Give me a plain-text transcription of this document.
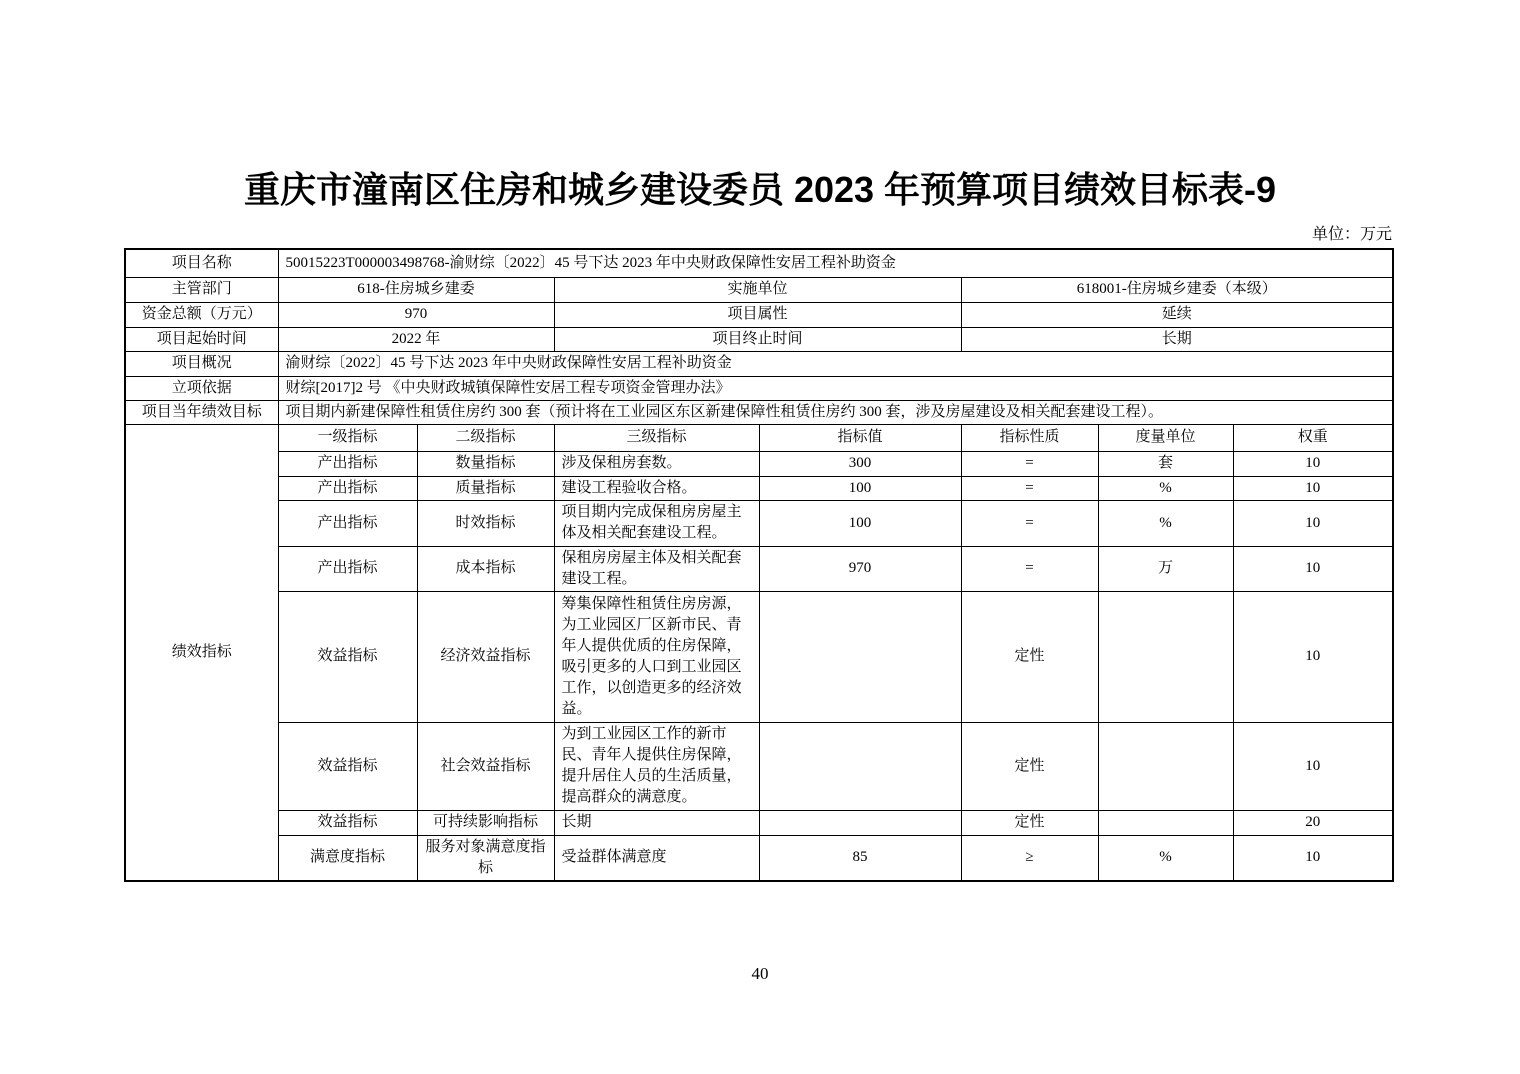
重庆市潼南区住房和城乡建设委员 2023 年预算项目绩效目标表-9
单位：万元
项目名称	50015223T000003498768-渝财综〔2022〕45 号下达 2023 年中央财政保障性安居工程补助资金						
主管部门	618-住房城乡建委		实施单位		618001-住房城乡建委（本级）		
资金总额（万元）	970		项目属性		延续		
项目起始时间	2022 年		项目终止时间		长期		
项目概况	渝财综〔2022〕45 号下达 2023 年中央财政保障性安居工程补助资金						
立项依据	财综[2017]2 号 《中央财政城镇保障性安居工程专项资金管理办法》						
项目当年绩效目标	项目期内新建保障性租赁住房约 300 套（预计将在工业园区东区新建保障性租赁住房约 300 套，涉及房屋建设及相关配套建设工程）。						
绩效指标	一级指标	二级指标	三级指标	指标值	指标性质	度量单位	权重
	产出指标	数量指标	涉及保租房套数。	300	=	套	10
	产出指标	质量指标	建设工程验收合格。	100	=	%	10
	产出指标	时效指标	项目期内完成保租房房屋主体及相关配套建设工程。	100	=	%	10
	产出指标	成本指标	保租房房屋主体及相关配套建设工程。	970	=	万	10
	效益指标	经济效益指标	筹集保障性租赁住房房源，为工业园区厂区新市民、青年人提供优质的住房保障，吸引更多的人口到工业园区工作，以创造更多的经济效益。		定性		10
	效益指标	社会效益指标	为到工业园区工作的新市民、青年人提供住房保障，提升居住人员的生活质量，提高群众的满意度。		定性		10
	效益指标	可持续影响指标	长期		定性		20
	满意度指标	服务对象满意度指标	受益群体满意度	85	≥	%	10
40
